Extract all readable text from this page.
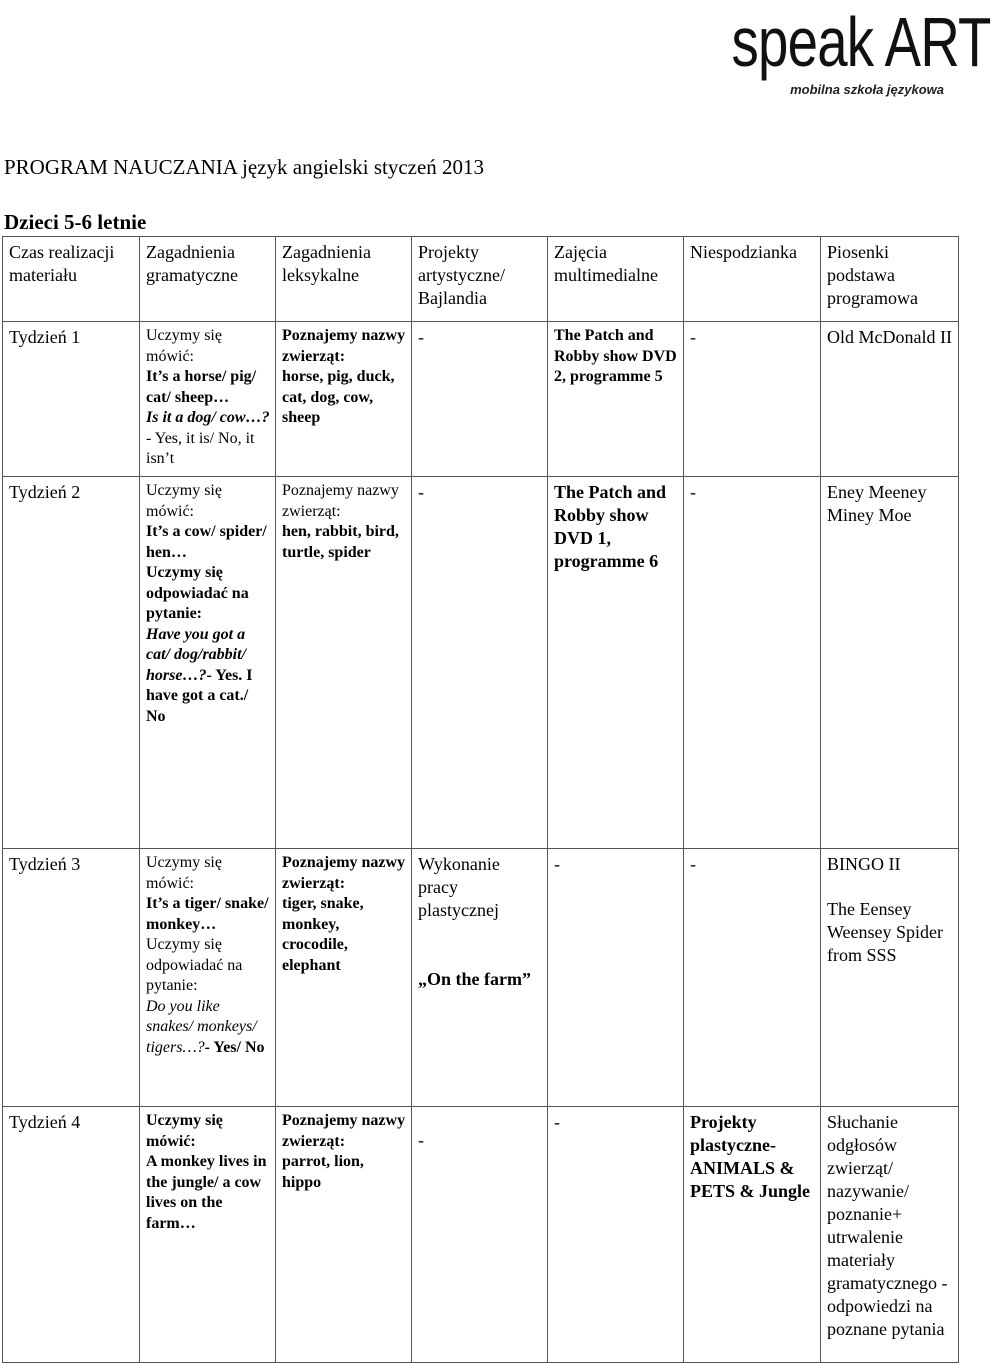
speak ART
mobilna szkoła językowa
PROGRAM NAUCZANIA język angielski styczeń 2013
Dzieci 5-6 letnie
Czas realizacji materiału	Zagadnienia gramatyczne	Zagadnienia leksykalne	Projekty artystyczne/ Bajlandia	Zajęcia multimedialne	Niespodzianka	Piosenki podstawa programowa
Tydzień 1	Uczymy się mówić:
It’s a horse/ pig/ cat/ sheep…
Is it a dog/ cow…?- Yes, it is/ No, it isn’t	Poznajemy nazwy zwierząt:
horse, pig, duck, cat, dog, cow, sheep	-	The Patch and Robby show DVD 2, programme 5	-	Old McDonald II
Tydzień 2	Uczymy się mówić:
It’s a cow/ spider/ hen…
Uczymy się odpowiadać na pytanie:
Have you got a cat/ dog/rabbit/ horse…?- Yes. I have got a cat./ No	Poznajemy nazwy zwierząt:
hen, rabbit, bird, turtle, spider	-	The Patch and Robby show DVD 1, programme 6	-	Eney Meeney Miney Moe
Tydzień 3	Uczymy się mówić:
It’s a tiger/ snake/ monkey…
Uczymy się odpowiadać na pytanie:
Do you like snakes/ monkeys/ tigers…?- Yes/ No	Poznajemy nazwy zwierząt:
tiger, snake, monkey, crocodile, elephant	Wykonanie pracy plastycznej
„On the farm”	-	-	BINGO II
The Eensey Weensey Spider from SSS

Tydzień 4	Uczymy się mówić:
A monkey lives in the jungle/ a cow lives on the farm…	Poznajemy nazwy zwierząt:
parrot, lion, hippo	-	-	Projekty plastyczne- ANIMALS & PETS & Jungle	Słuchanie odgłosów zwierząt/ nazywanie/ poznanie+ utrwalenie materiały gramatycznego - odpowiedzi na poznane pytania
